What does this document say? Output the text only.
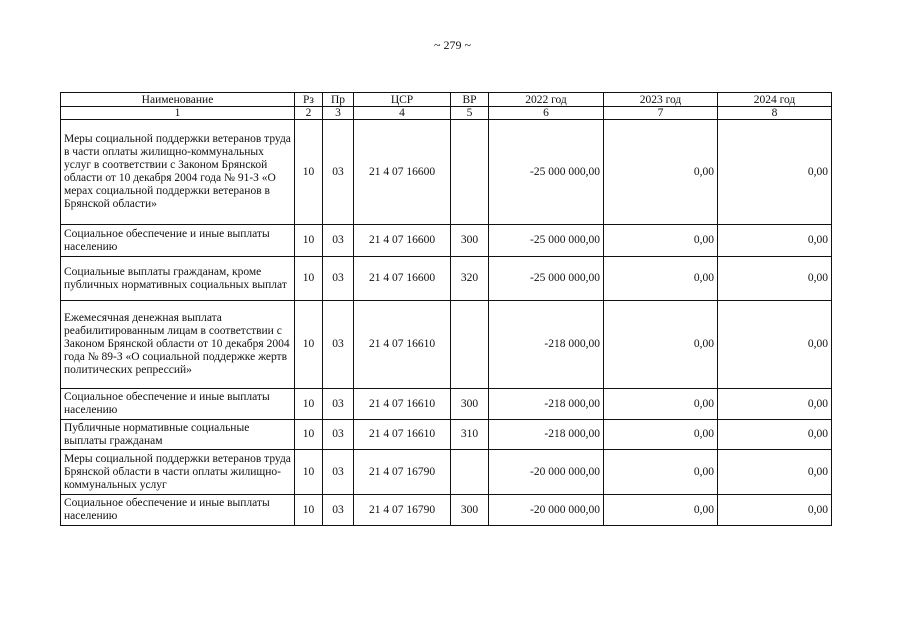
~ 279 ~
Наименование	Рз	Пр	ЦСР	ВР	2022 год	2023 год	2024 год
1	2	3	4	5	6	7	8
Меры социальной поддержки ветеранов труда в части оплаты жилищно-коммунальных услуг в соответствии с Законом Брянской области от 10 декабря 2004 года № 91-З «О мерах социальной поддержки ветеранов в Брянской области»	10	03	21 4 07 16600		-25 000 000,00	0,00	0,00
Социальное обеспечение и иные выплаты населению	10	03	21 4 07 16600	300	-25 000 000,00	0,00	0,00
Социальные выплаты гражданам, кроме публичных нормативных социальных выплат	10	03	21 4 07 16600	320	-25 000 000,00	0,00	0,00
Ежемесячная денежная выплата реабилитированным лицам в соответствии с Законом Брянской области от 10 декабря 2004 года № 89-З «О социальной поддержке жертв политических репрессий»	10	03	21 4 07 16610		-218 000,00	0,00	0,00
Социальное обеспечение и иные выплаты населению	10	03	21 4 07 16610	300	-218 000,00	0,00	0,00
Публичные нормативные социальные выплаты гражданам	10	03	21 4 07 16610	310	-218 000,00	0,00	0,00
Меры социальной поддержки ветеранов труда Брянской области в части оплаты жилищно-коммунальных услуг	10	03	21 4 07 16790		-20 000 000,00	0,00	0,00
Социальное обеспечение и иные выплаты населению	10	03	21 4 07 16790	300	-20 000 000,00	0,00	0,00
